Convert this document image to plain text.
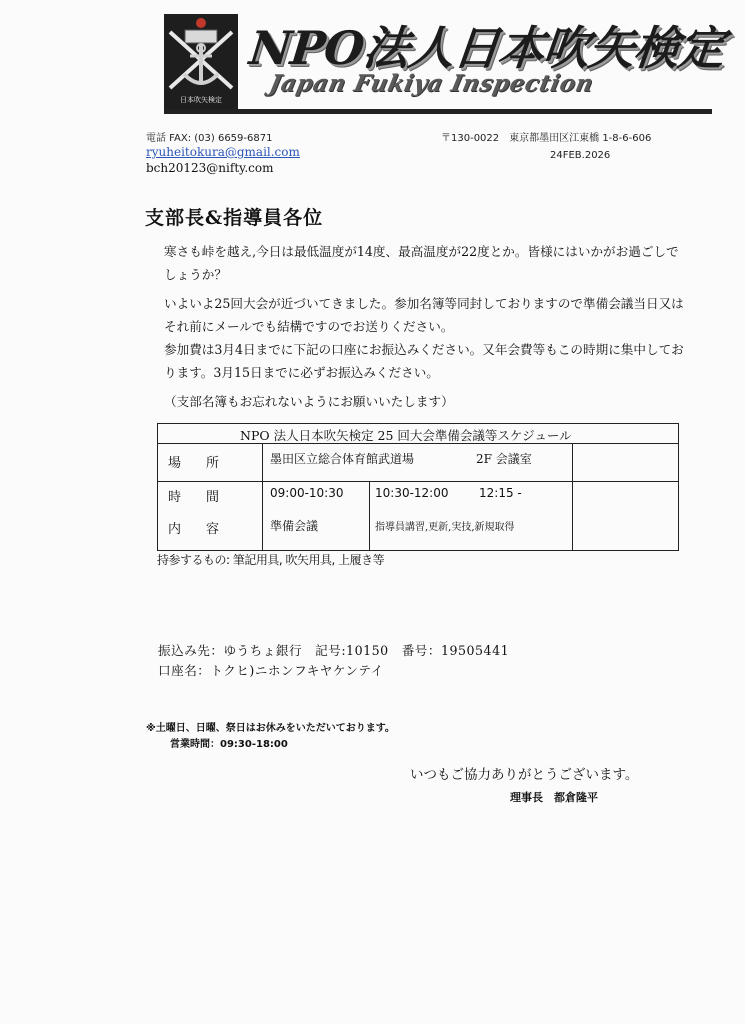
日本吹矢検定
NPO法人日本吹矢検定
Japan Fukiya Inspection
電話 FAX: (03) 6659-6871
ryuheitokura@gmail.com
bch20123@nifty.com
〒130-0022　東京都墨田区江東橋 1-8-6-606
24FEB.2026
支部長&指導員各位

寒さも峠を越え,今日は最低温度が14度、最高温度が22度とか。皆様にはいかがお過ごしでしょうか？

いよいよ25回大会が近づいてきました。参加名簿等同封しておりますので準備会議当日又はそれ前にメールでも結構ですのでお送りください。

参加費は3月4日までに下記の口座にお振込みください。又年会費等もこの時期に集中しております。3月15日までに必ずお振込みください。

（支部名簿もお忘れないようにお願いいたします）

NPO 法人日本吹矢検定 25 回大会準備会議等スケジュール
場　所	墨田区立総合体育館武道場	2F 会議室
時　間	09:00-10:30	10:30-12:00	12:15 -
内　容	準備会議	指導員講習,更新,実技,新規取得
持参するもの: 筆記用具, 吹矢用具, 上履き等
振込み先：ゆうちょ銀行　記号:10150　番号：19505441
口座名：トクヒ)ニホンフキヤケンテイ
※土曜日、日曜、祭日はお休みをいただいております。
営業時間：09:30-18:00
いつもご協力ありがとうございます。
理事長　都倉隆平
